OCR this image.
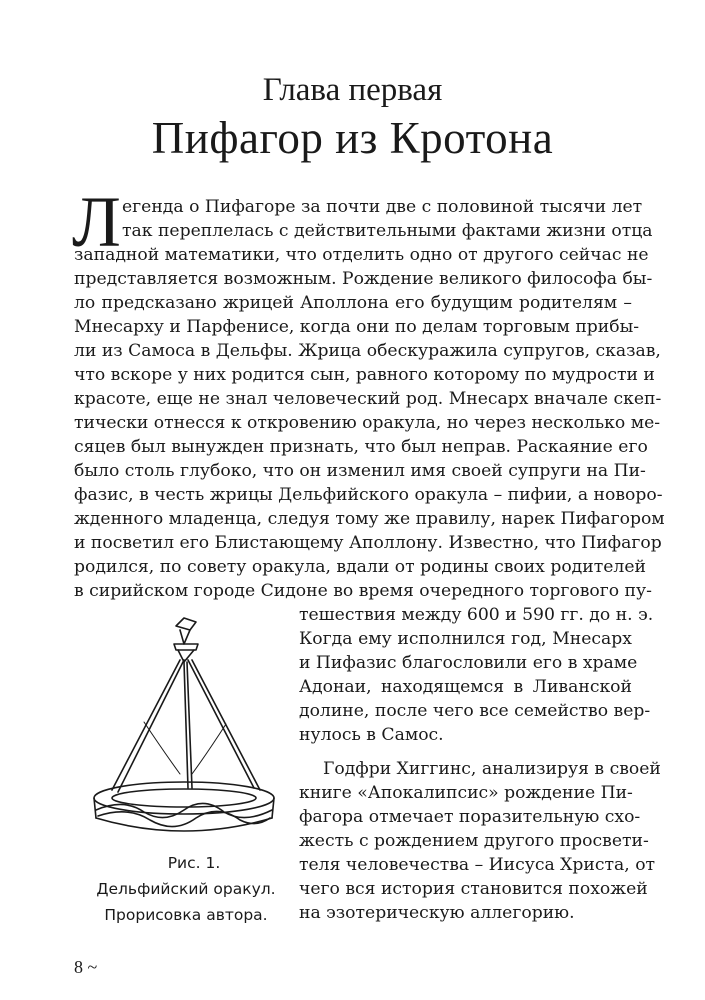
Глава первая
Пифагор из Кротона
Л егенда о Пифагоре за почти две с половиной тысячи лет
так переплелась с действительными фактами жизни отца
западной математики, что отделить одно от другого сейчас не
представляется возможным. Рождение великого философа бы-
ло предсказано жрицей Аполлона его будущим родителям –
Мнесарху и Парфенисе, когда они по делам торговым прибы-
ли из Самоса в Дельфы. Жрица обескуражила супругов, сказав,
что вскоре у них родится сын, равного которому по мудрости и
красоте, еще не знал человеческий род. Мнесарх вначале скеп-
тически отнесся к откровению оракула, но через несколько ме-
сяцев был вынужден признать, что был неправ. Раскаяние его
было столь глубоко, что он изменил имя своей супруги на Пи-
фазис, в честь жрицы Дельфийского оракула – пифии, а новоро-
жденного младенца, следуя тому же правилу, нарек Пифагором
и посветил его Блистающему Аполлону. Известно, что Пифагор
родился, по совету оракула, вдали от родины своих родителей
в сирийском городе Сидоне во время очередного торгового пу-
тешествия между 600 и 590 гг. до н. э.
Когда ему исполнился год, Мнесарх
и Пифазис благословили его в храме
Адонаи, находящемся в Ливанской
долине, после чего все семейство вер-
нулось в Самос.
Годфри Хиггинс, анализируя в своей
книге «Апокалипсис» рождение Пи-
фагора отмечает поразительную схо-
жесть с рождением другого просвети-
теля человечества – Иисуса Христа, от
чего вся история становится похожей
на эзотерическую аллегорию.
Рис. 1.
Дельфийский оракул.
Прорисовка автора.
8 ~
